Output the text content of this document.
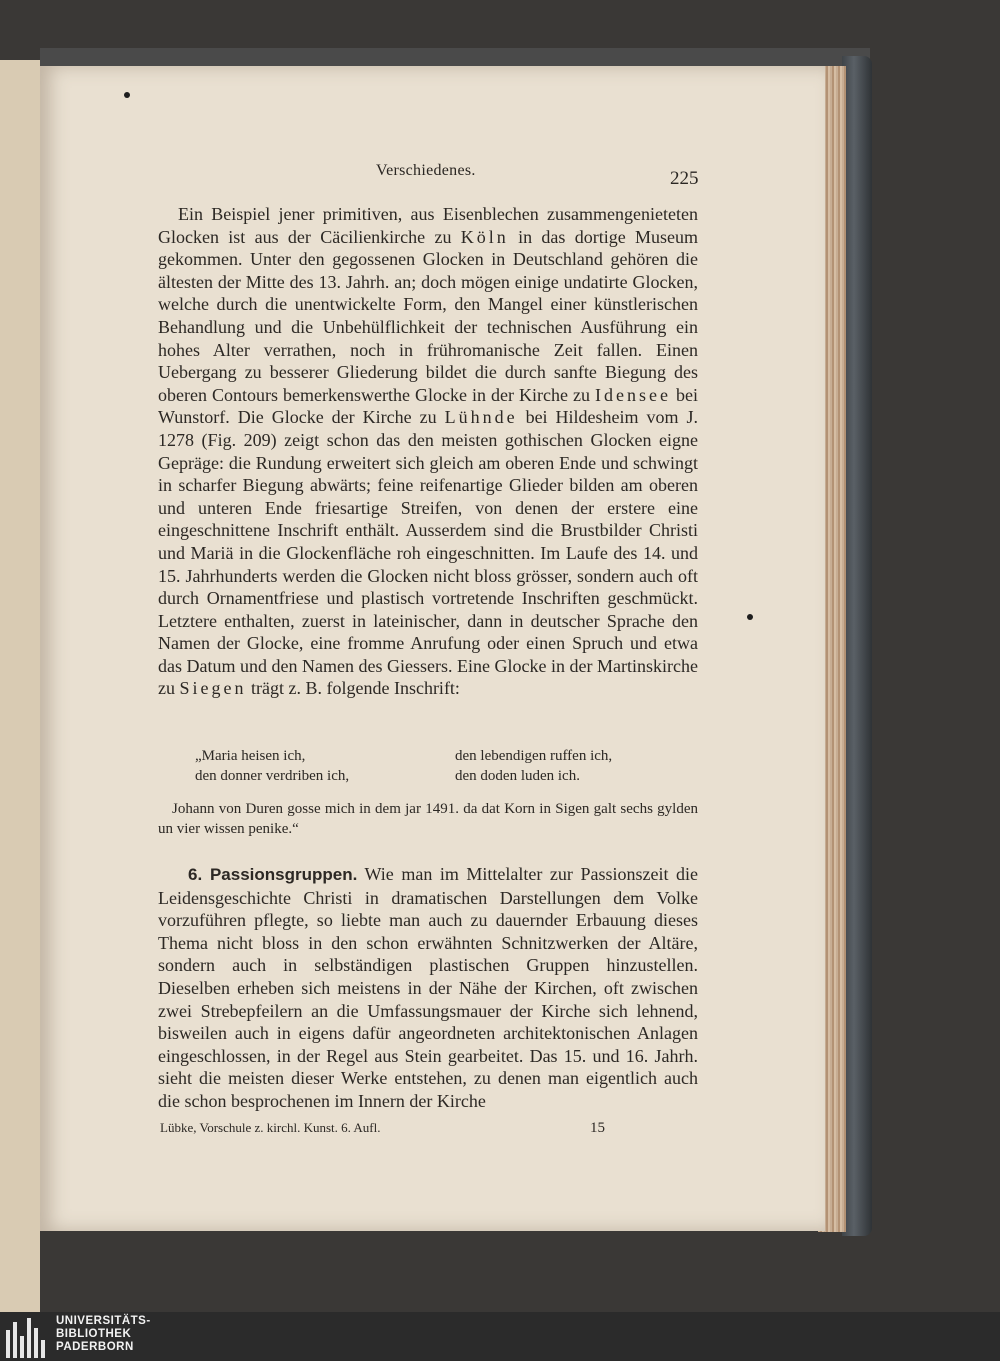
Verschiedenes.	225

Ein Beispiel jener primitiven, aus Eisenblechen zusammengenieteten Glocken ist aus der Cäcilienkirche zu Köln in das dortige Museum gekommen. Unter den gegossenen Glocken in Deutschland gehören die ältesten der Mitte des 13. Jahrh. an; doch mögen einige undatirte Glocken, welche durch die unentwickelte Form, den Mangel einer künstlerischen Behandlung und die Unbehülflichkeit der technischen Ausführung ein hohes Alter verrathen, noch in frühromanische Zeit fallen. Einen Uebergang zu besserer Gliederung bildet die durch sanfte Biegung des oberen Contours bemerkenswerthe Glocke in der Kirche zu Idensee bei Wunstorf. Die Glocke der Kirche zu Lühnde bei Hildesheim vom J. 1278 (Fig. 209) zeigt schon das den meisten gothischen Glocken eigne Gepräge: die Rundung erweitert sich gleich am oberen Ende und schwingt in scharfer Biegung abwärts; feine reifenartige Glieder bilden am oberen und unteren Ende friesartige Streifen, von denen der erstere eine eingeschnittene Inschrift enthält. Ausserdem sind die Brustbilder Christi und Mariä in die Glockenfläche roh eingeschnitten. Im Laufe des 14. und 15. Jahrhunderts werden die Glocken nicht bloss grösser, sondern auch oft durch Ornamentfriese und plastisch vortretende Inschriften geschmückt. Letztere enthalten, zuerst in lateinischer, dann in deutscher Sprache den Namen der Glocke, eine fromme Anrufung oder einen Spruch und etwa das Datum und den Namen des Giessers. Eine Glocke in der Martinskirche zu Siegen trägt z. B. folgende Inschrift:

„Maria heisen ich,	den lebendigen ruffen ich,
den donner verdriben ich,	den doden luden ich.
Johann von Duren gosse mich in dem jar 1491. da dat Korn in Sigen galt sechs gylden un vier wissen penike.“

6. Passionsgruppen. Wie man im Mittelalter zur Passionszeit die Leidensgeschichte Christi in dramatischen Darstellungen dem Volke vorzuführen pflegte, so liebte man auch zu dauernder Erbauung dieses Thema nicht bloss in den schon erwähnten Schnitzwerken der Altäre, sondern auch in selbständigen plastischen Gruppen hinzustellen. Dieselben erheben sich meistens in der Nähe der Kirchen, oft zwischen zwei Strebepfeilern an die Umfassungsmauer der Kirche sich lehnend, bisweilen auch in eigens dafür angeordneten architektonischen Anlagen eingeschlossen, in der Regel aus Stein gearbeitet. Das 15. und 16. Jahrh. sieht die meisten dieser Werke entstehen, zu denen man eigentlich auch die schon besprochenen im Innern der Kirche

Lübke, Vorschule z. kirchl. Kunst. 6. Aufl.	15
UNIVERSITÄTS-
BIBLIOTHEK
PADERBORN
